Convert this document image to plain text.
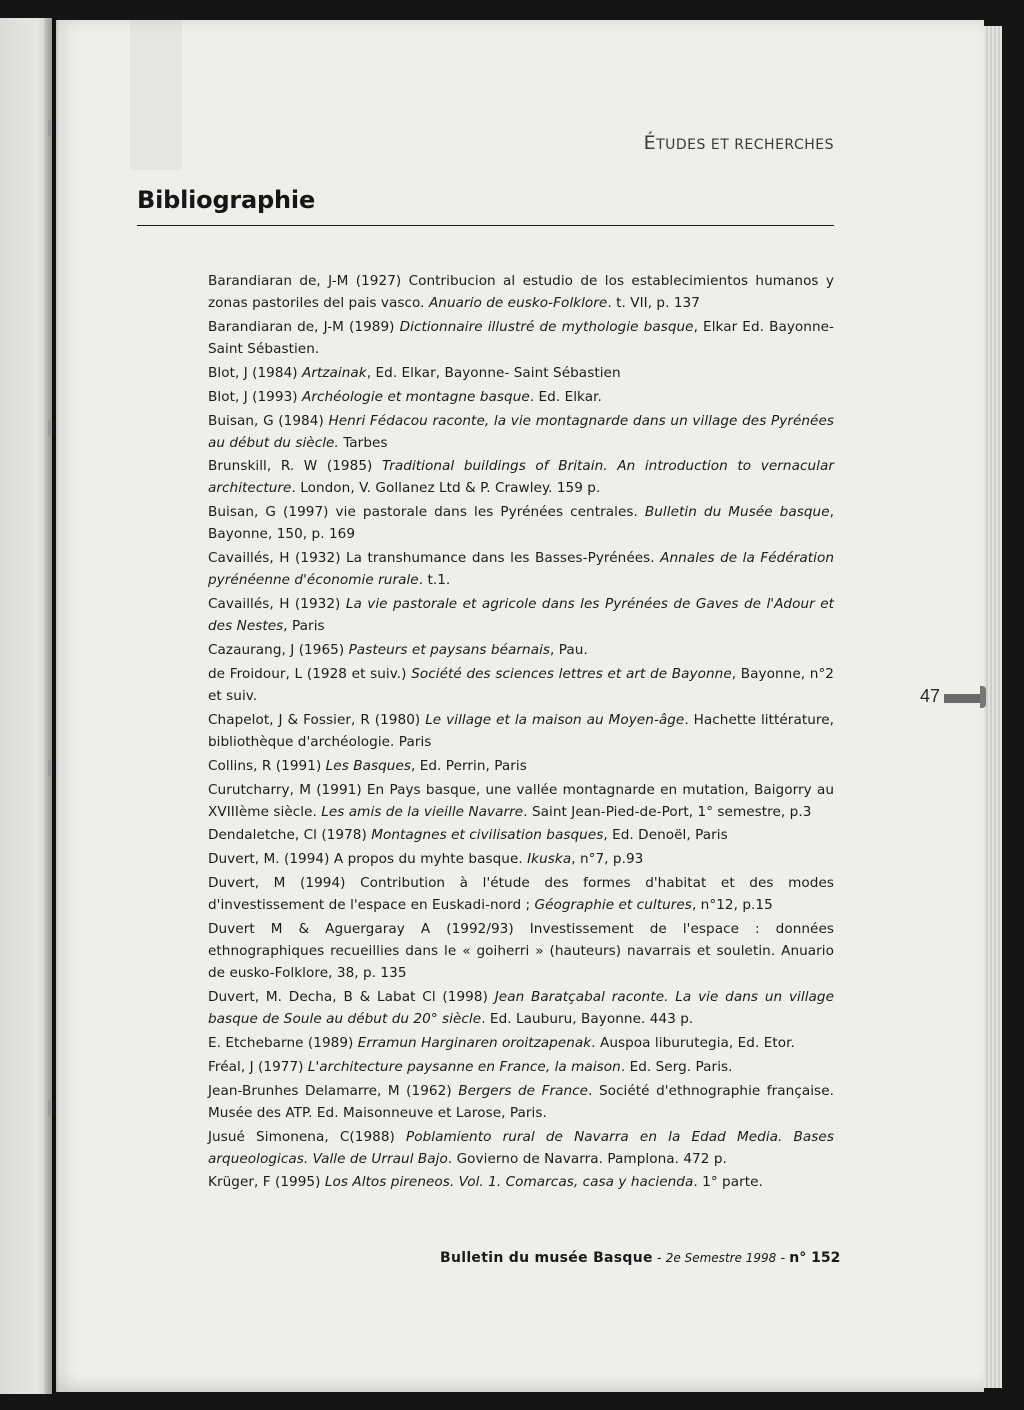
ÉTUDES ET RECHERCHES
Bibliographie

Barandiaran de, J-M (1927) Contribucion al estudio de los establecimientos humanos y zonas pastoriles del pais vasco. Anuario de eusko-Folklore. t. VII, p. 137

Barandiaran de, J-M (1989) Dictionnaire illustré de mythologie basque, Elkar Ed. Bayonne-Saint Sébastien.

Blot, J (1984) Artzainak, Ed. Elkar, Bayonne- Saint Sébastien

Blot, J (1993) Archéologie et montagne basque. Ed. Elkar.

Buisan, G (1984) Henri Fédacou raconte, la vie montagnarde dans un village des Pyrénées au début du siècle. Tarbes

Brunskill, R. W (1985) Traditional buildings of Britain. An introduction to vernacular architecture. London, V. Gollanez Ltd & P. Crawley. 159 p.

Buisan, G (1997) vie pastorale dans les Pyrénées centrales. Bulletin du Musée basque, Bayonne, 150, p. 169

Cavaillés, H (1932) La transhumance dans les Basses-Pyrénées. Annales de la Fédération pyrénéenne d'économie rurale. t.1.

Cavaillés, H (1932) La vie pastorale et agricole dans les Pyrénées de Gaves de l'Adour et des Nestes, Paris

Cazaurang, J (1965) Pasteurs et paysans béarnais, Pau.

de Froidour, L (1928 et suiv.) Société des sciences lettres et art de Bayonne, Bayonne, n°2 et suiv.

Chapelot, J & Fossier, R (1980) Le village et la maison au Moyen-âge. Hachette littérature, bibliothèque d'archéologie. Paris

Collins, R (1991) Les Basques, Ed. Perrin, Paris

Curutcharry, M (1991) En Pays basque, une vallée montagnarde en mutation, Baigorry au XVIIIème siècle. Les amis de la vieille Navarre. Saint Jean-Pied-de-Port, 1° semestre, p.3

Dendaletche, Cl (1978) Montagnes et civilisation basques, Ed. Denoël, Paris

Duvert, M. (1994) A propos du myhte basque. Ikuska, n°7, p.93

Duvert, M (1994) Contribution à l'étude des formes d'habitat et des modes d'investissement de l'espace en Euskadi-nord ; Géographie et cultures, n°12, p.15

Duvert M & Aguergaray A (1992/93) Investissement de l'espace : données ethnographiques recueillies dans le « goiherri » (hauteurs) navarrais et souletin. Anuario de eusko-Folklore, 38, p. 135

Duvert, M. Decha, B & Labat Cl (1998) Jean Baratçabal raconte. La vie dans un village basque de Soule au début du 20° siècle. Ed. Lauburu, Bayonne. 443 p.

E. Etchebarne (1989) Erramun Harginaren oroitzapenak. Auspoa liburutegia, Ed. Etor.

Fréal, J (1977) L'architecture paysanne en France, la maison. Ed. Serg. Paris.

Jean-Brunhes Delamarre, M (1962) Bergers de France. Société d'ethnographie française. Musée des ATP. Ed. Maisonneuve et Larose, Paris.

Jusué Simonena, C(1988) Poblamiento rural de Navarra en la Edad Media. Bases arqueologicas. Valle de Urraul Bajo. Govierno de Navarra. Pamplona. 472 p.

Krüger, F (1995) Los Altos pireneos. Vol. 1. Comarcas, casa y hacienda. 1° parte.

47
Bulletin du musée Basque - 2e Semestre 1998 - n° 152
